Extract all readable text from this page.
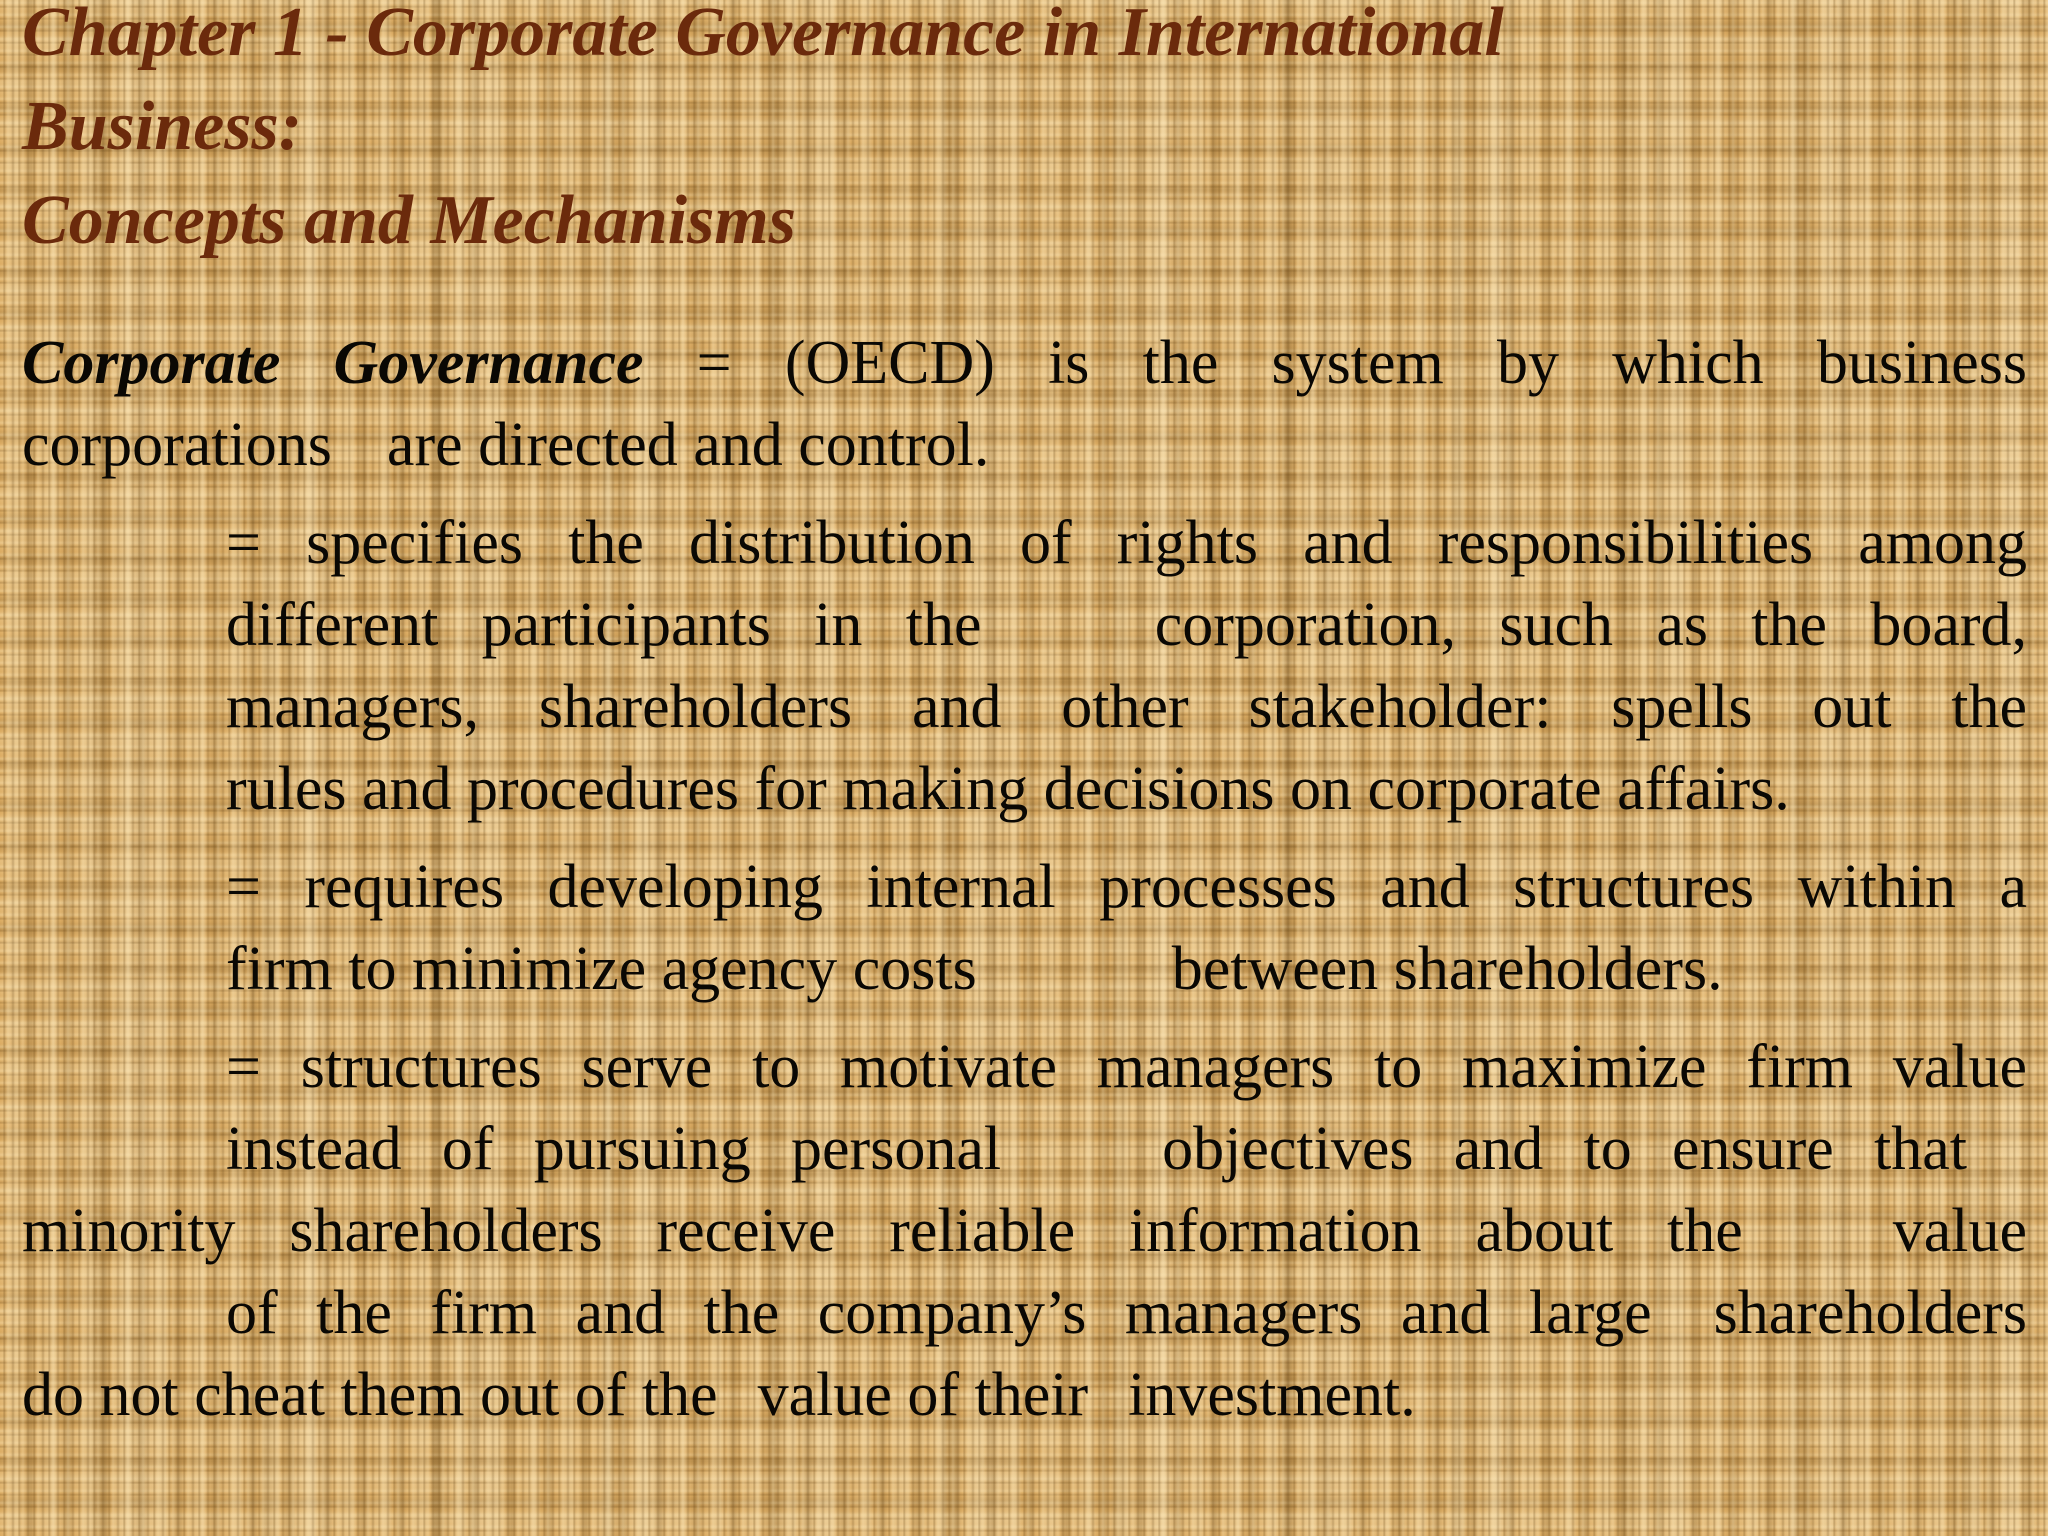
Chapter 1 - Corporate Governance in International
Business:
Concepts and Mechanisms
Corporate Governance = (OECD) is the system by which business
corporations are directed and control.
= specifies the distribution of rights and responsibilities among
different participants in the	corporation, such as the board,
managers, shareholders and other stakeholder: spells out the
rules and procedures for making decisions on corporate affairs.
= requires developing internal processes and structures within a
firm to minimize agency costs	between shareholders.
= structures serve to motivate managers to maximize firm value
instead of pursuing personal	objectives and to ensure that
minority shareholders receive reliable information about the value
of the firm and the company’s managers and large shareholders
do not cheat them out of the value of their investment.
